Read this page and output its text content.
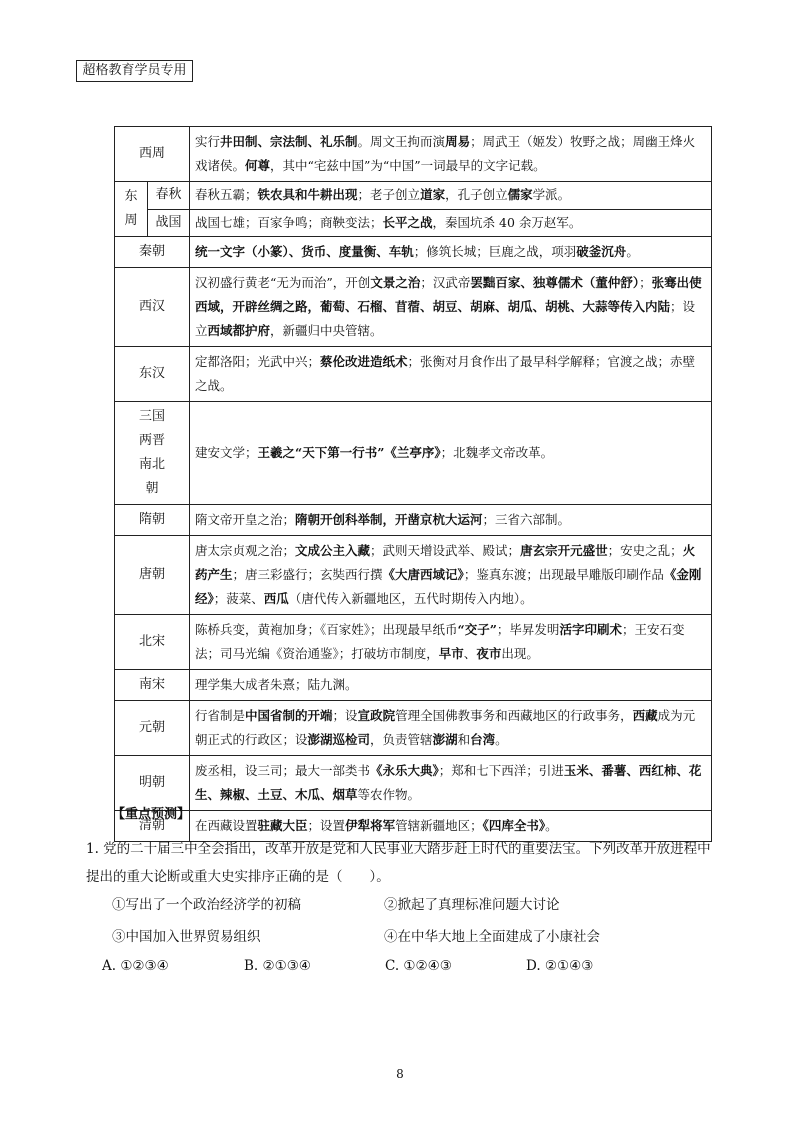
超格教育学员专用
西周		实行井田制、宗法制、礼乐制。周文王拘而演周易；周武王（姬发）牧野之战；周幽王烽火戏诸侯。何尊，其中“宅兹中国”为“中国”一词最早的文字记载。
东周	春秋	春秋五霸；铁农具和牛耕出现；老子创立道家，孔子创立儒家学派。
	战国	战国七雄；百家争鸣；商鞅变法；长平之战，秦国坑杀 40 余万赵军。
秦朝		统一文字（小篆）、货币、度量衡、车轨；修筑长城；巨鹿之战，项羽破釜沉舟。
西汉		汉初盛行黄老“无为而治”，开创文景之治；汉武帝罢黜百家、独尊儒术（董仲舒）；张骞出使西域，开辟丝绸之路，葡萄、石榴、苜蓿、胡豆、胡麻、胡瓜、胡桃、大蒜等传入内陆；设立西域都护府，新疆归中央管辖。
东汉		定都洛阳；光武中兴；蔡伦改进造纸术；张衡对月食作出了最早科学解释；官渡之战；赤壁之战。
三国两晋南北朝		建安文学；王羲之“天下第一行书”《兰亭序》；北魏孝文帝改革。
隋朝		隋文帝开皇之治；隋朝开创科举制，开凿京杭大运河；三省六部制。
唐朝		唐太宗贞观之治；文成公主入藏；武则天增设武举、殿试；唐玄宗开元盛世；安史之乱；火药产生；唐三彩盛行；玄奘西行撰《大唐西域记》；鉴真东渡；出现最早雕版印刷作品《金刚经》；菠菜、西瓜（唐代传入新疆地区，五代时期传入内地）。
北宋		陈桥兵变，黄袍加身；《百家姓》；出现最早纸币“交子”；毕昇发明活字印刷术；王安石变法；司马光编《资治通鉴》；打破坊市制度，早市、夜市出现。
南宋		理学集大成者朱熹；陆九渊。
元朝		行省制是中国省制的开端；设宣政院管理全国佛教事务和西藏地区的行政事务，西藏成为元朝正式的行政区；设澎湖巡检司，负责管辖澎湖和台湾。
明朝		废丞相，设三司；最大一部类书《永乐大典》；郑和七下西洋；引进玉米、番薯、西红柿、花生、辣椒、土豆、木瓜、烟草等农作物。
清朝		在西藏设置驻藏大臣；设置伊犁将军管辖新疆地区；《四库全书》。
【重点预测】

1. 党的二十届三中全会指出，改革开放是党和人民事业大踏步赶上时代的重要法宝。下列改革开放进程中提出的重大论断或重大史实排序正确的是（　　）。

①写出了一个政治经济学的初稿	②掀起了真理标准问题大讨论
③中国加入世界贸易组织	④在中华大地上全面建成了小康社会
A. ①②③④	B. ②①③④	C. ①②④③	D. ②①④③
8
